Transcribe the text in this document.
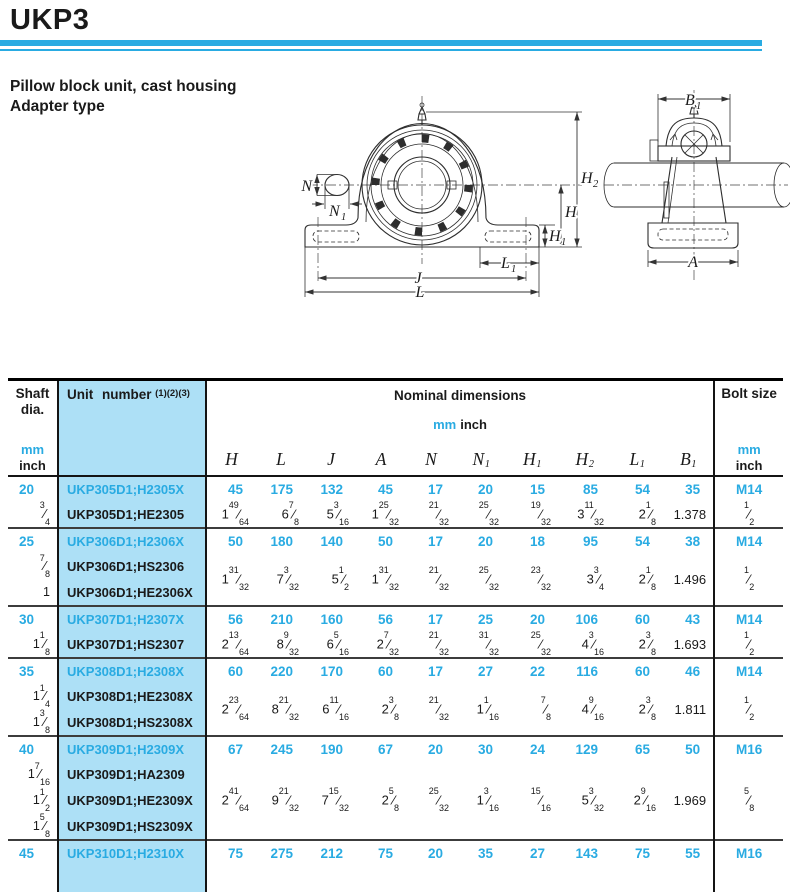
UKP3
Pillow block unit, cast housing
Adapter type
N
N 1
H 2
H
H 1
L 1
J
L
B 1
A
Shaft dia.
mm
inch
	Unit number $^{(1)(2)(3)}$	Nominal dimensions
mm inch

Bolt size
mm
inch

		H	L	J	A	N	N1	H1	H2	L1	B1	
20	UKP305D1;H2305X	45	175	132	45	17	20	15	85	54	35	M14
$^3⁄_4$	UKP305D1;HE2305	$1^{49}⁄_{64}$	$6^7⁄_8$	$5^3⁄_{16}$	$1^{25}⁄_{32}$	$^{21}⁄_{32}$	$^{25}⁄_{32}$	$^{19}⁄_{32}$	$3^{11}⁄_{32}$	$2^1⁄_8$	1.378	$^1⁄_2$
25	UKP306D1;H2306X	50	180	140	50	17	20	18	95	54	38	M14
$^7⁄_8$	UKP306D1;HS2306	$1^{31}⁄_{32}$	$7^3⁄_{32}$	$5^1⁄_2$	$1^{31}⁄_{32}$	$^{21}⁄_{32}$	$^{25}⁄_{32}$	$^{23}⁄_{32}$	$3^3⁄_4$	$2^1⁄_8$	1.496	$^1⁄_2$
1	UKP306D1;HE2306X											
30	UKP307D1;H2307X	56	210	160	56	17	25	20	106	60	43	M14
$1^1⁄_8$	UKP307D1;HS2307	$2^{13}⁄_{64}$	$8^9⁄_{32}$	$6^5⁄_{16}$	$2^7⁄_{32}$	$^{21}⁄_{32}$	$^{31}⁄_{32}$	$^{25}⁄_{32}$	$4^3⁄_{16}$	$2^3⁄_8$	1.693	$^1⁄_2$
35	UKP308D1;H2308X	60	220	170	60	17	27	22	116	60	46	M14
$1^1⁄_4$	UKP308D1;HE2308X	$2^{23}⁄_{64}$	$8^{21}⁄_{32}$	$6^{11}⁄_{16}$	$2^3⁄_8$	$^{21}⁄_{32}$	$1^1⁄_{16}$	$^7⁄_8$	$4^9⁄_{16}$	$2^3⁄_8$	1.811	$^1⁄_2$
$1^3⁄_8$	UKP308D1;HS2308X											
40	UKP309D1;H2309X	67	245	190	67	20	30	24	129	65	50	M16
$1^7⁄_{16}$	UKP309D1;HA2309	$2^{41}⁄_{64}$	$9^{21}⁄_{32}$	$7^{15}⁄_{32}$	$2^5⁄_8$	$^{25}⁄_{32}$	$1^3⁄_{16}$	$^{15}⁄_{16}$	$5^3⁄_{32}$	$2^9⁄_{16}$	1.969	$^5⁄_8$
$1^1⁄_2$	UKP309D1;HE2309X											
$1^5⁄_8$	UKP309D1;HS2309X											
45	UKP310D1;H2310X	75	275	212	75	20	35	27	143	75	55	M16
